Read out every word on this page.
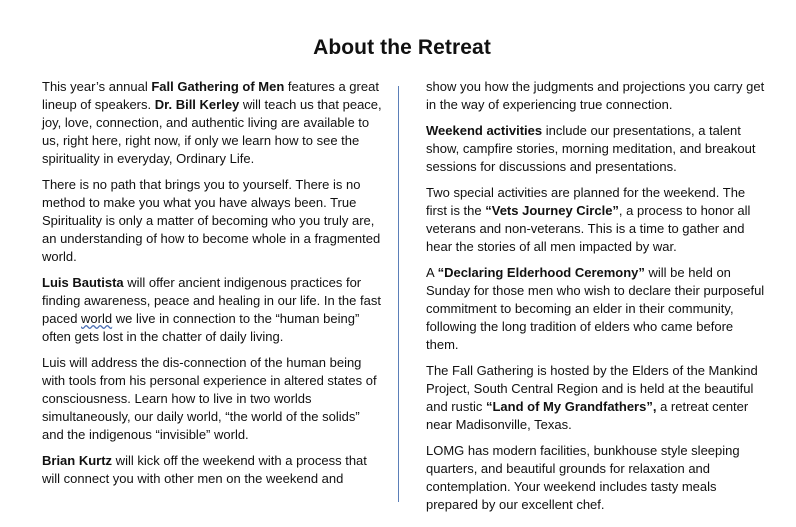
About the Retreat

This year’s annual Fall Gathering of Men features a great lineup of speakers. Dr. Bill Kerley will teach us that peace, joy, love, connection, and authentic living are available to us, right here, right now, if only we learn how to see the spirituality in everyday, Ordinary Life.

There is no path that brings you to yourself. There is no method to make you what you have always been. True Spirituality is only a matter of becoming who you truly are, an understanding of how to become whole in a fragmented world.

Luis Bautista will offer ancient indigenous practices for finding awareness, peace and healing in our life. In the fast paced world we live in connection to the “human being” often gets lost in the chatter of daily living.

Luis will address the dis-connection of the human being with tools from his personal experience in altered states of consciousness. Learn how to live in two worlds simultaneously, our daily world, “the world of the solids” and the indigenous “invisible” world.

Brian Kurtz will kick off the weekend with a process that will connect you with other men on the weekend and

show you how the judgments and projections you carry get in the way of experiencing true connection.

Weekend activities include our presentations, a talent show, campfire stories, morning meditation, and breakout sessions for discussions and presentations.

Two special activities are planned for the weekend. The first is the “Vets Journey Circle”, a process to honor all veterans and non-veterans. This is a time to gather and hear the stories of all men impacted by war.

A “Declaring Elderhood Ceremony” will be held on Sunday for those men who wish to declare their purposeful commitment to becoming an elder in their community, following the long tradition of elders who came before them.

The Fall Gathering is hosted by the Elders of the Mankind Project, South Central Region and is held at the beautiful and rustic “Land of My Grandfathers”, a retreat center near Madisonville, Texas.

LOMG has modern facilities, bunkhouse style sleeping quarters, and beautiful grounds for relaxation and contemplation. Your weekend includes tasty meals prepared by our excellent chef.
